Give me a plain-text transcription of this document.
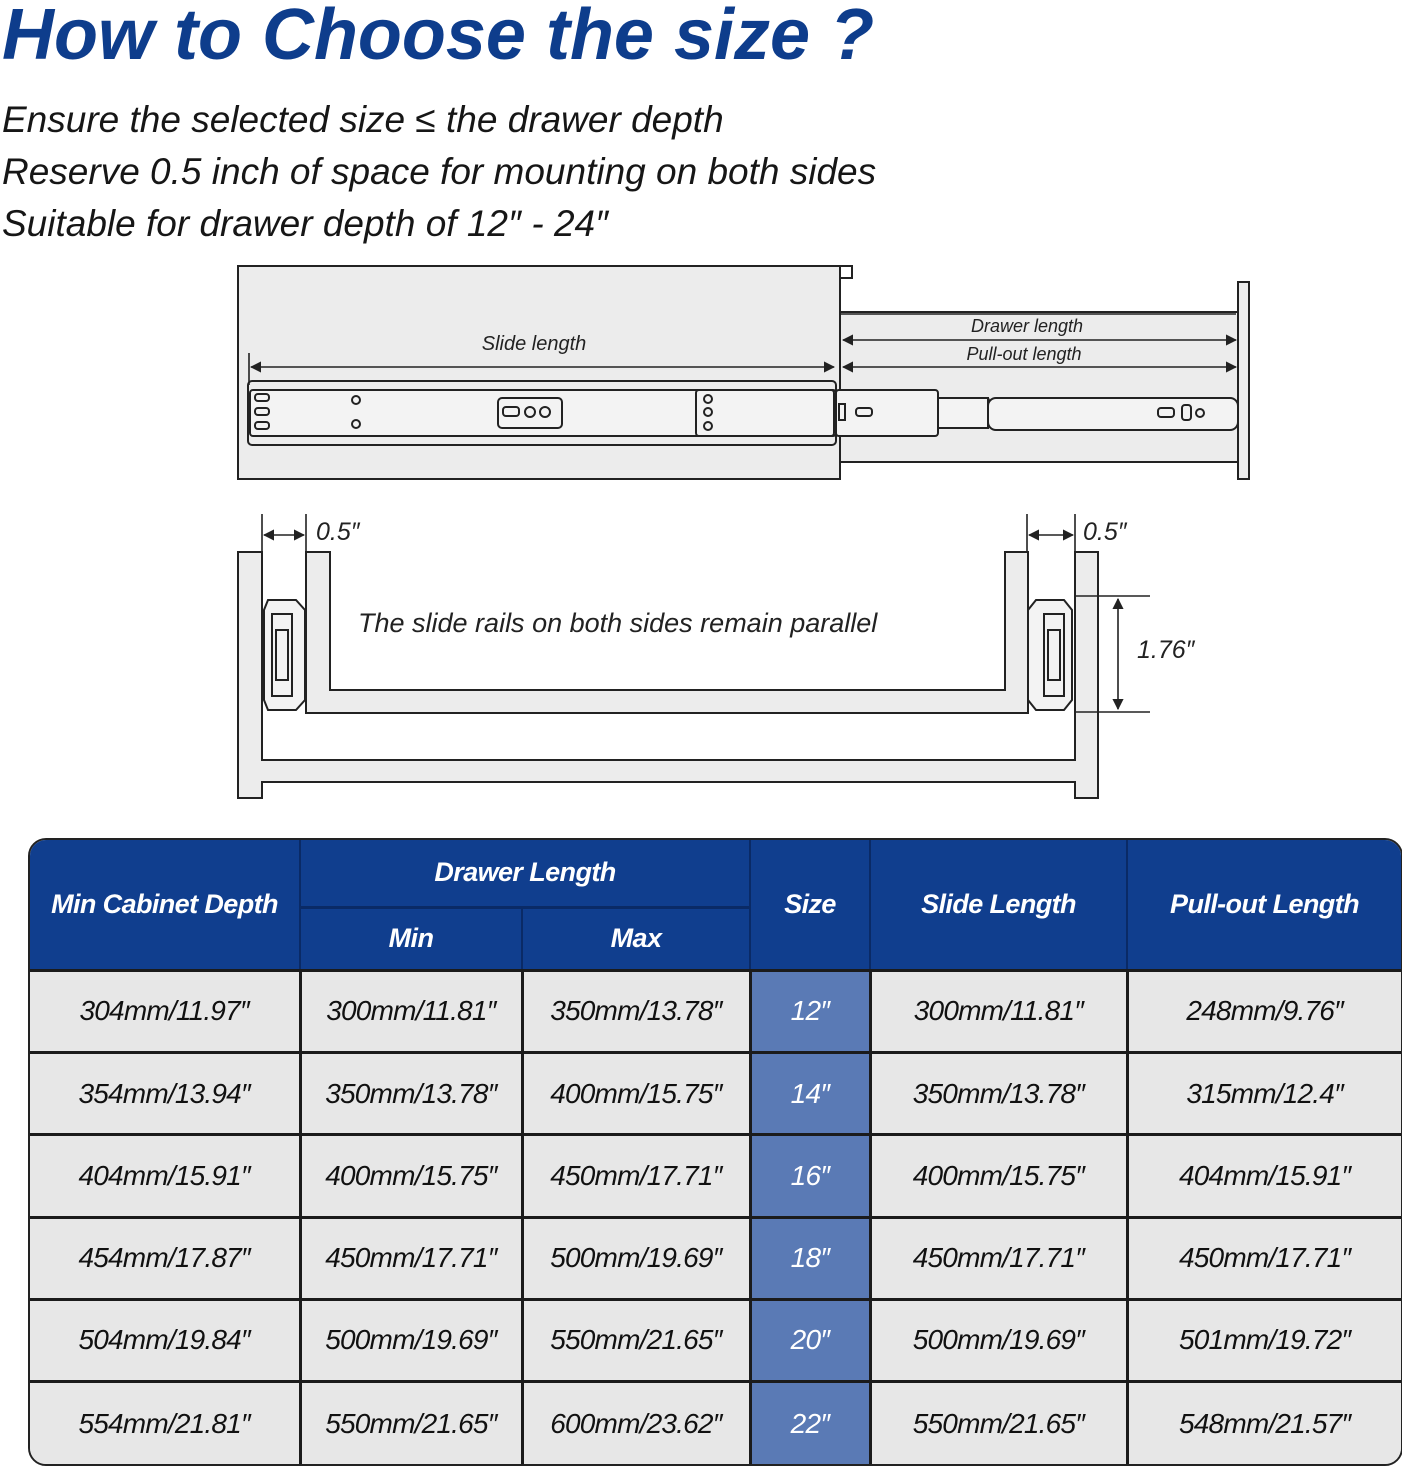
How to Choose the size ?
Ensure the selected size ≤ the drawer depth
Reserve 0.5 inch of space for mounting on both sides
Suitable for drawer depth of 12″ - 24″
Slide length
Drawer length
Pull-out length
0.5″	0.5″
1.76″
The slide rails on both sides remain parallel
Min Cabinet Depth	Drawer Length		Size	Slide Length	Pull-out Length
	Min	Max			
304mm/11.97″	300mm/11.81″	350mm/13.78″	12″	300mm/11.81″	248mm/9.76″
354mm/13.94″	350mm/13.78″	400mm/15.75″	14″	350mm/13.78″	315mm/12.4″
404mm/15.91″	400mm/15.75″	450mm/17.71″	16″	400mm/15.75″	404mm/15.91″
454mm/17.87″	450mm/17.71″	500mm/19.69″	18″	450mm/17.71″	450mm/17.71″
504mm/19.84″	500mm/19.69″	550mm/21.65″	20″	500mm/19.69″	501mm/19.72″
554mm/21.81″	550mm/21.65″	600mm/23.62″	22″	550mm/21.65″	548mm/21.57″
